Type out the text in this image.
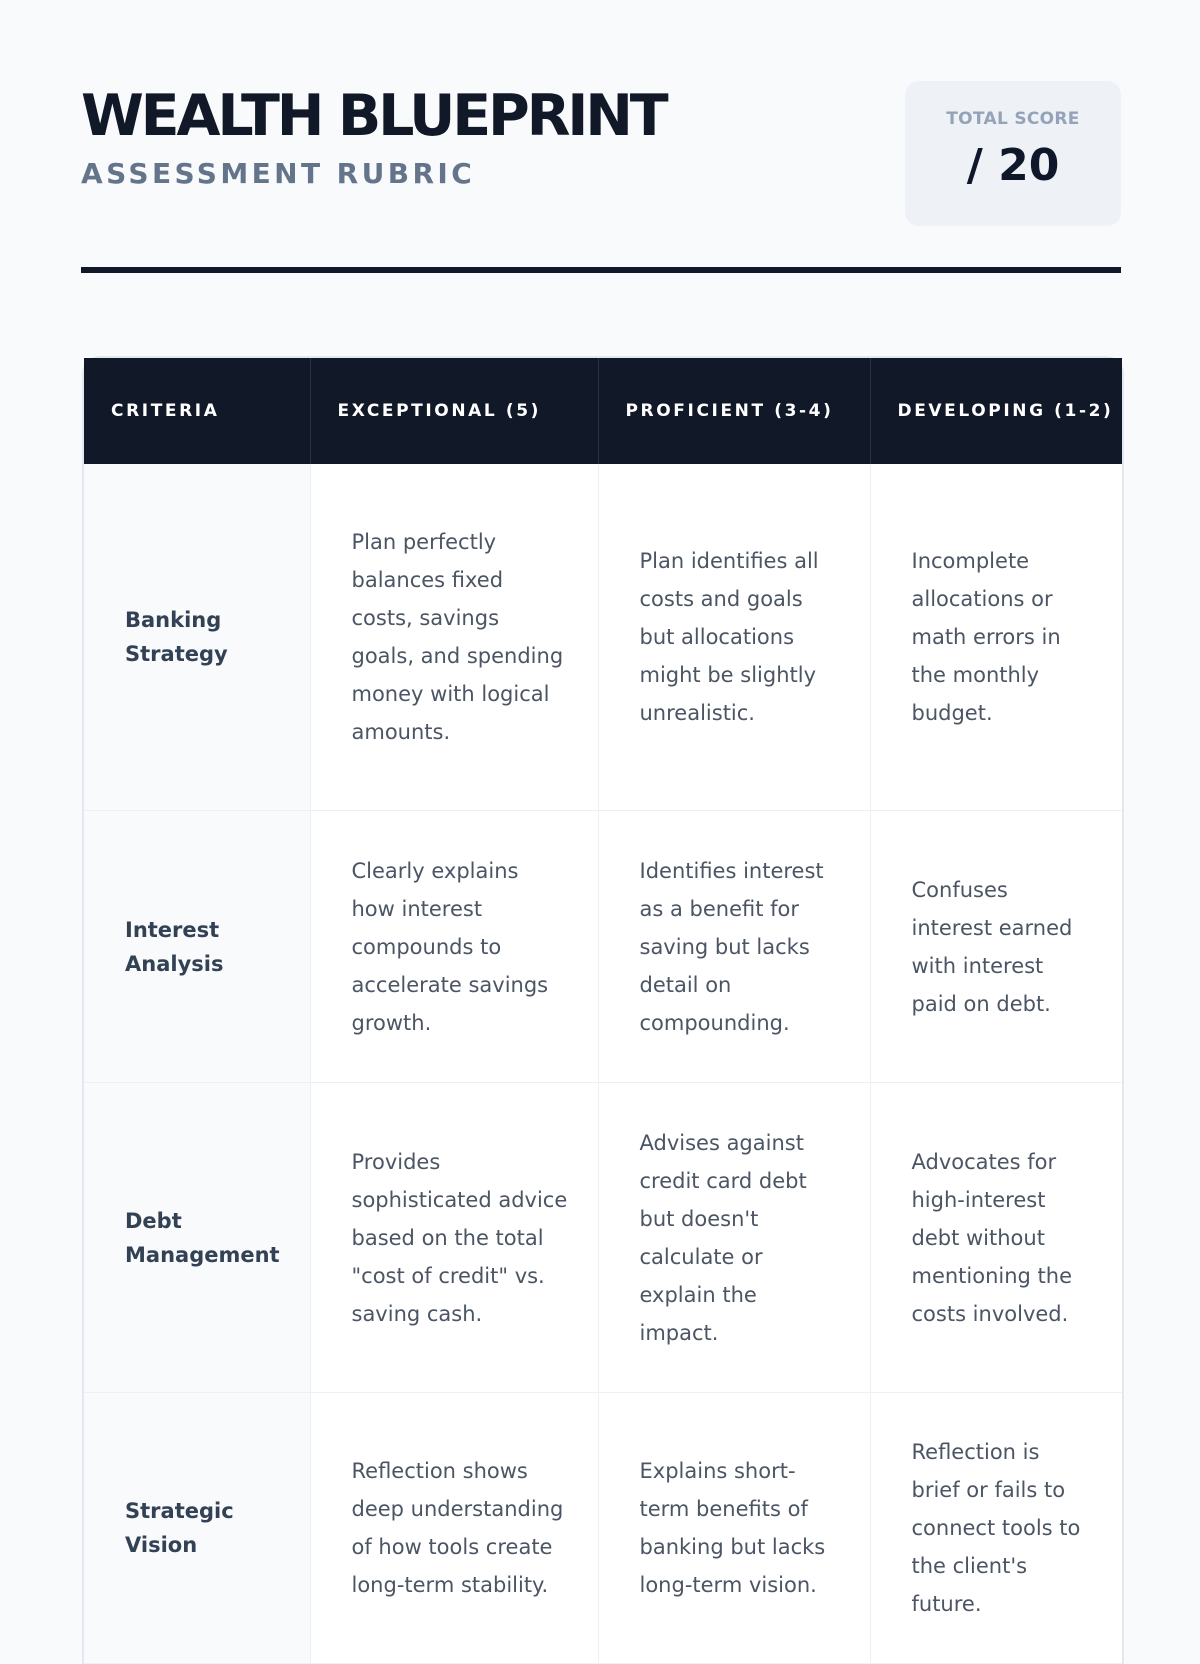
WEALTH BLUEPRINT
ASSESSMENT RUBRIC
TOTAL SCORE
/ 20
CRITERIA	EXCEPTIONAL (5)	PROFICIENT (3-4)	DEVELOPING (1-2)
Banking Strategy	Plan perfectly balances fixed costs, savings goals, and spending money with logical amounts.	Plan identifies all costs and goals but allocations might be slightly unrealistic.	Incomplete allocations or math errors in the monthly budget.
Interest Analysis	Clearly explains how interest compounds to accelerate savings growth.	Identifies interest as a benefit for saving but lacks detail on compounding.	Confuses interest earned with interest paid on debt.
Debt Management	Provides sophisticated advice based on the total "cost of credit" vs. saving cash.	Advises against credit card debt but doesn't calculate or explain the impact.	Advocates for high-interest debt without mentioning the costs involved.
Strategic Vision	Reflection shows deep understanding of how tools create long-term stability.	Explains short-term benefits of banking but lacks long-term vision.	Reflection is brief or fails to connect tools to the client's future.
